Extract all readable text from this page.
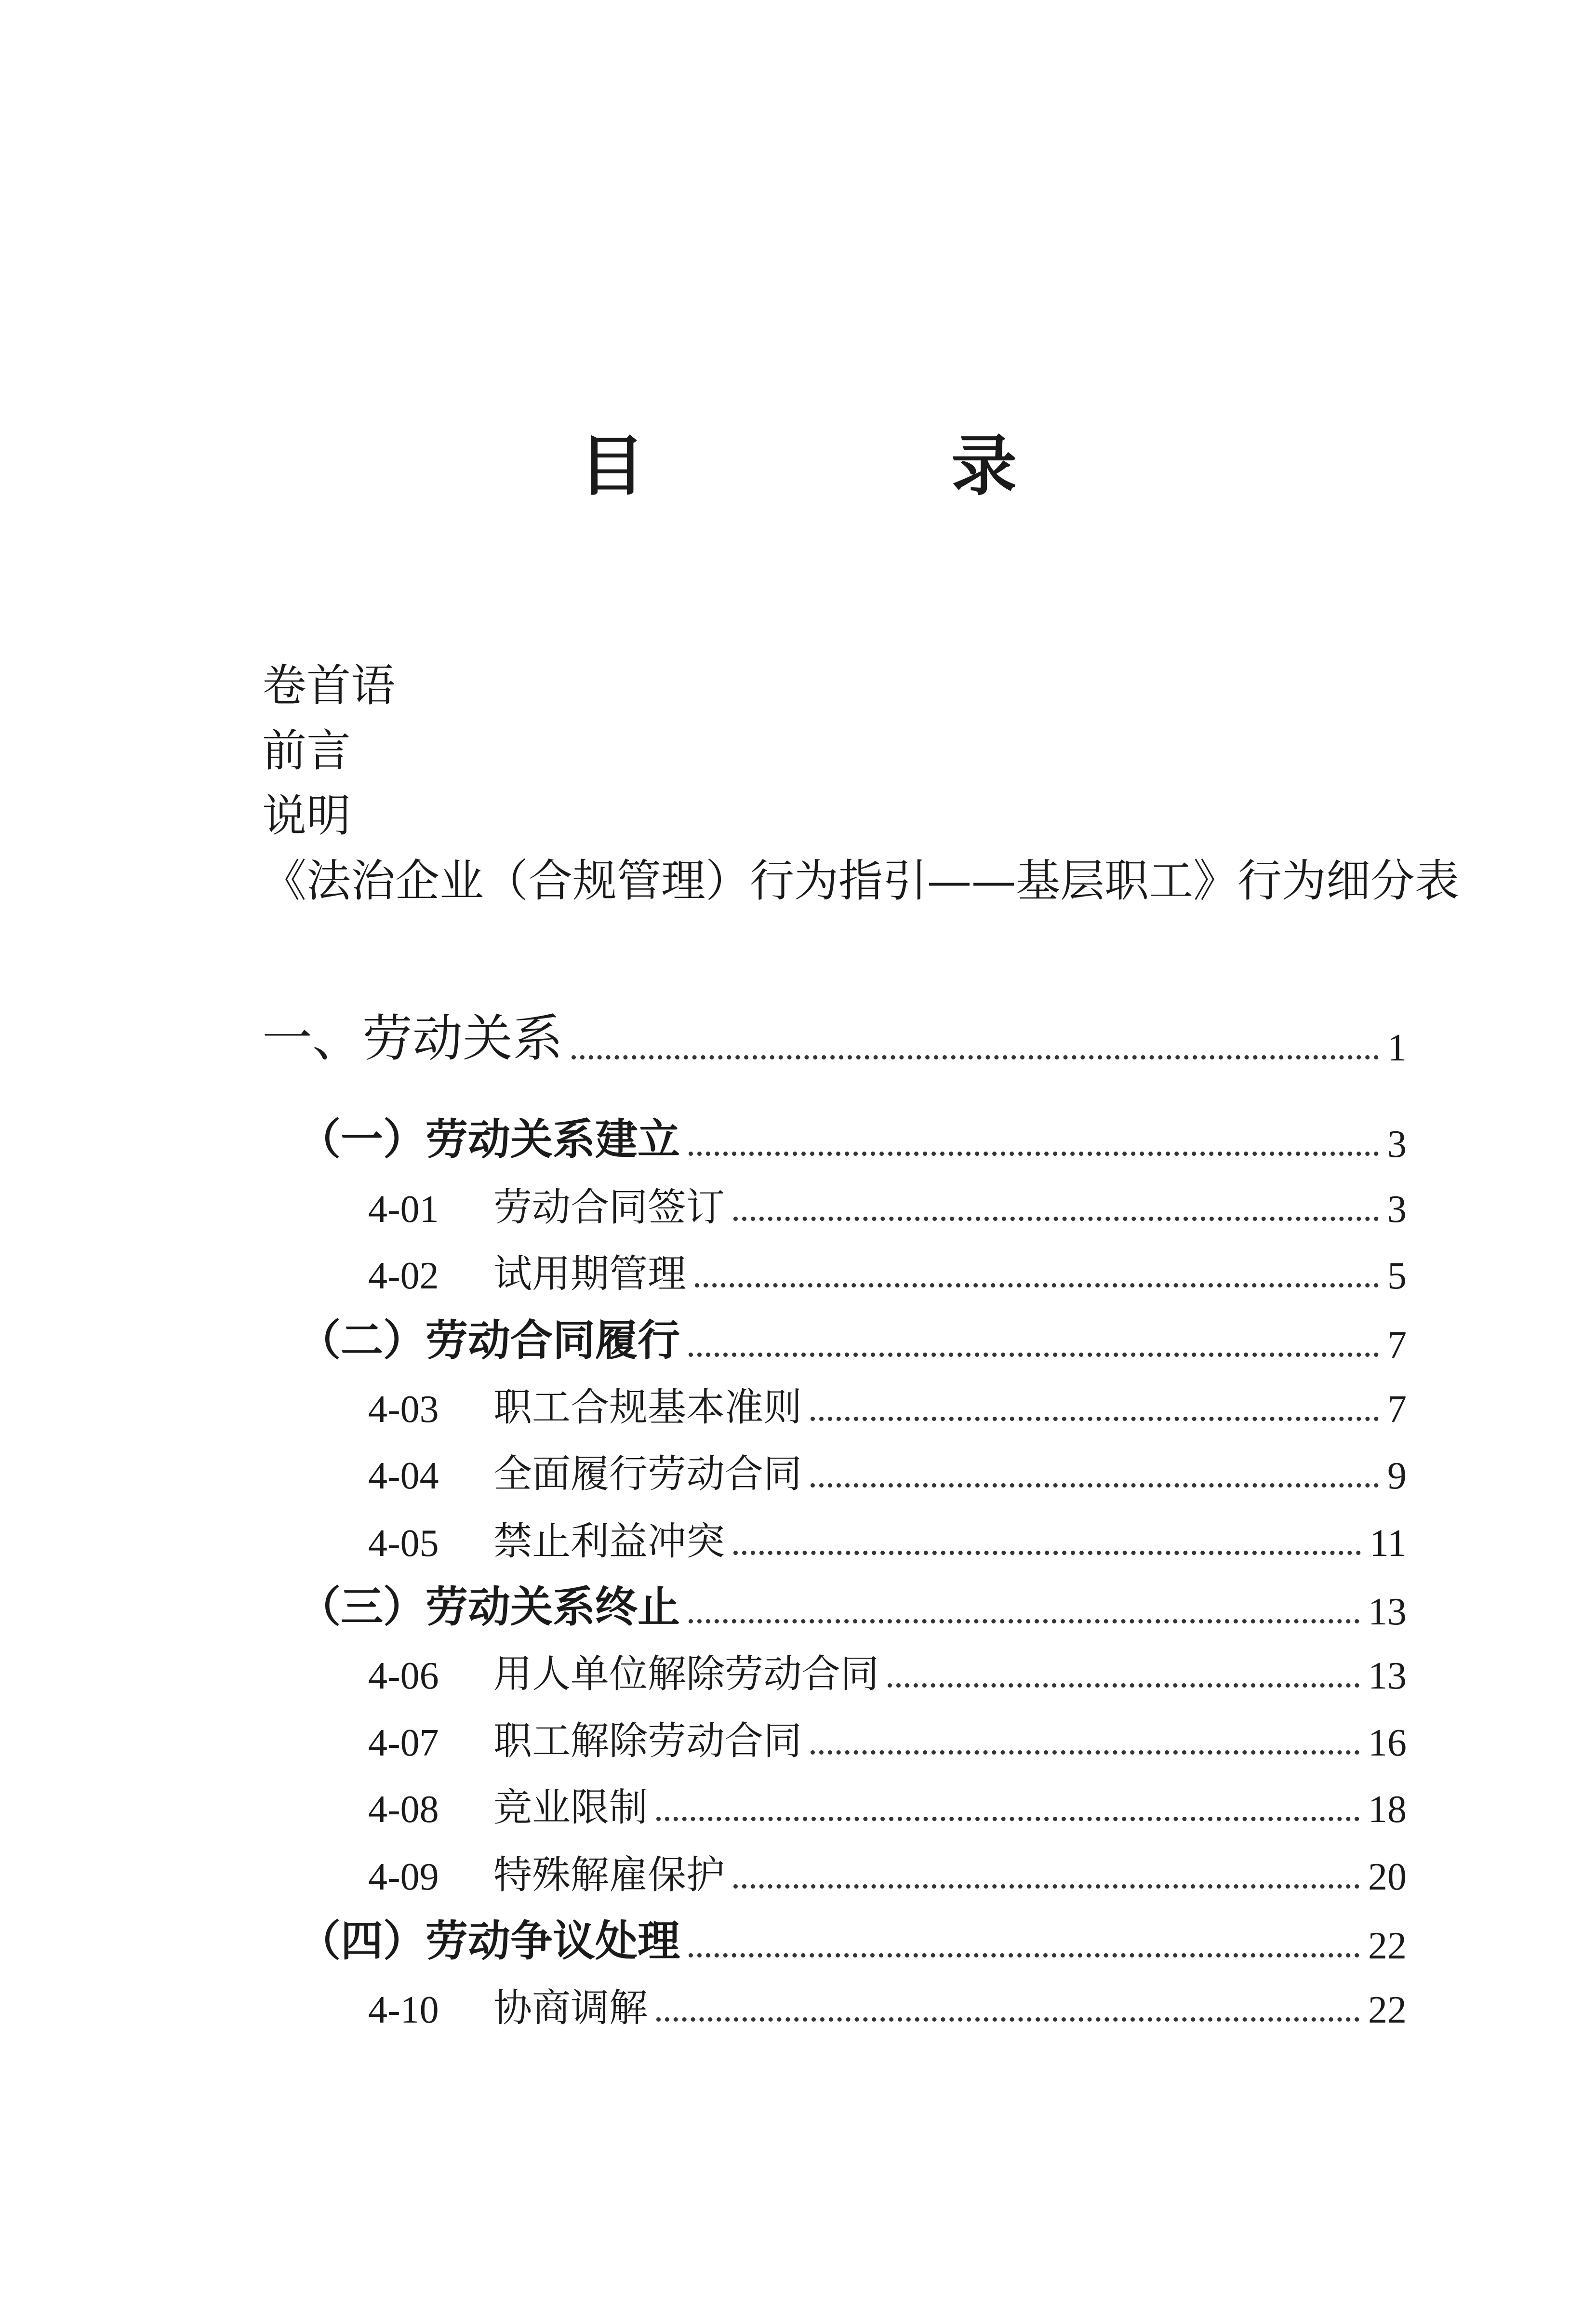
目　录
卷首语
前言
说明
《法治企业（合规管理）行为指引——基层职工》行为细分表
一、劳动关系	1
（一）劳动关系建立	3
4-01	劳动合同签订	3
4-02	试用期管理	5
（二）劳动合同履行	7
4-03	职工合规基本准则	7
4-04	全面履行劳动合同	9
4-05	禁止利益冲突	11
（三）劳动关系终止	13
4-06	用人单位解除劳动合同	13
4-07	职工解除劳动合同	16
4-08	竞业限制	18
4-09	特殊解雇保护	20
（四）劳动争议处理	22
4-10	协商调解	22
